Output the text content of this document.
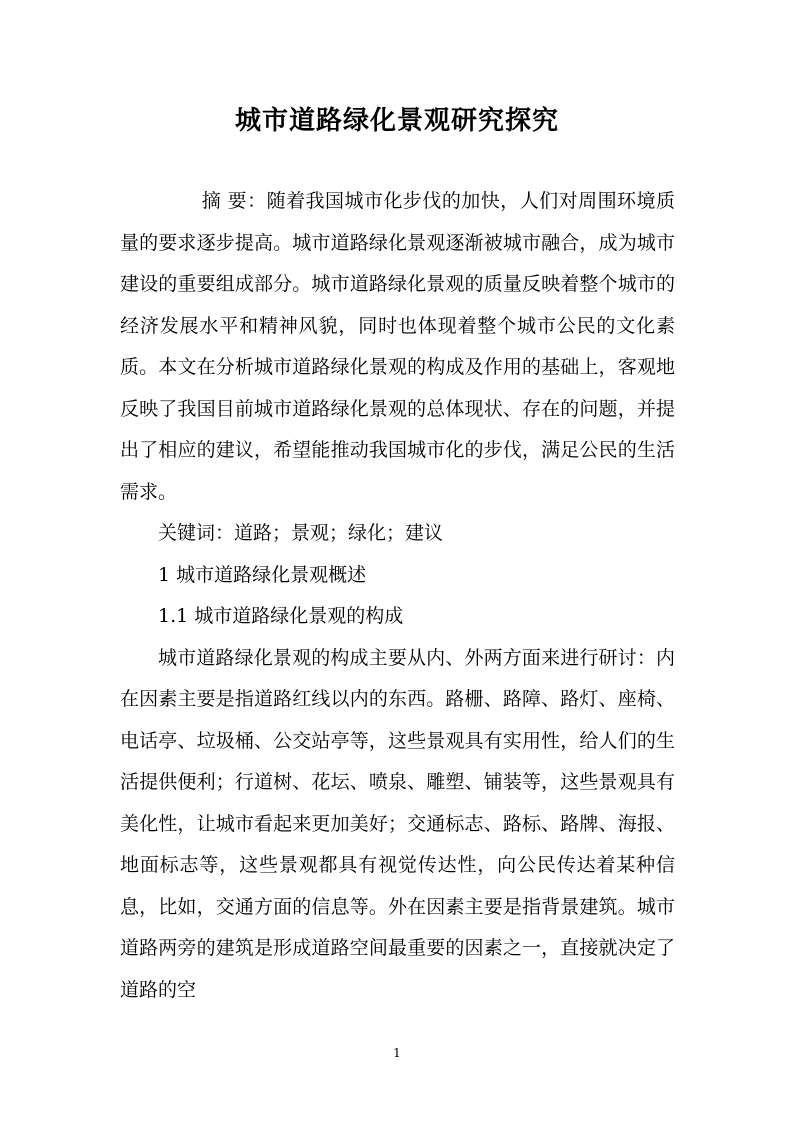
城市道路绿化景观研究探究

摘 要：随着我国城市化步伐的加快，人们对周围环境质量的要求逐步提高。城市道路绿化景观逐渐被城市融合，成为城市建设的重要组成部分。城市道路绿化景观的质量反映着整个城市的经济发展水平和精神风貌，同时也体现着整个城市公民的文化素质。本文在分析城市道路绿化景观的构成及作用的基础上，客观地反映了我国目前城市道路绿化景观的总体现状、存在的问题，并提出了相应的建议，希望能推动我国城市化的步伐，满足公民的生活需求。

关键词：道路；景观；绿化；建议

1 城市道路绿化景观概述

1.1 城市道路绿化景观的构成

城市道路绿化景观的构成主要从内、外两方面来进行研讨：内在因素主要是指道路红线以内的东西。路栅、路障、路灯、座椅、电话亭、垃圾桶、公交站亭等，这些景观具有实用性，给人们的生活提供便利；行道树、花坛、喷泉、雕塑、铺装等，这些景观具有美化性，让城市看起来更加美好；交通标志、路标、路牌、海报、地面标志等，这些景观都具有视觉传达性，向公民传达着某种信息，比如，交通方面的信息等。外在因素主要是指背景建筑。城市道路两旁的建筑是形成道路空间最重要的因素之一，直接就决定了道路的空

1
